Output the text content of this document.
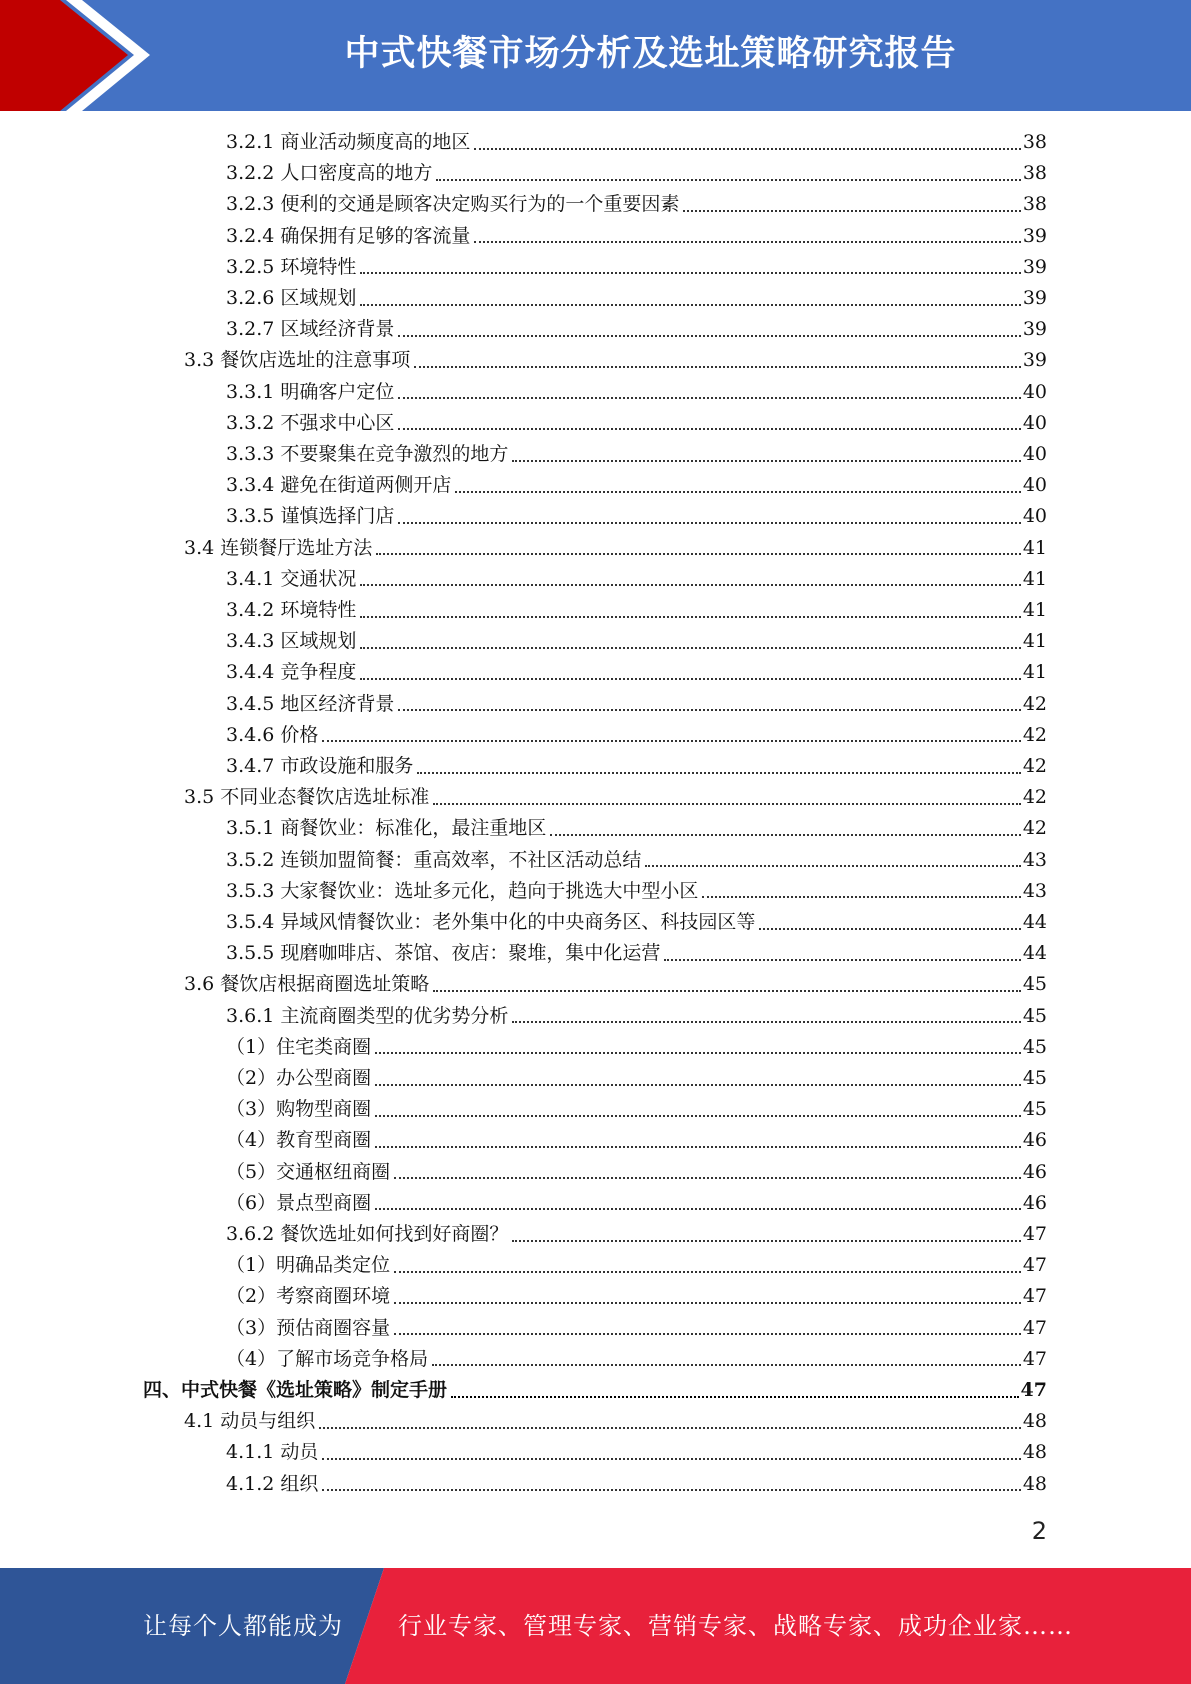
中式快餐市场分析及选址策略研究报告
3.2.1 商业活动频度高的地区	38
3.2.2 人口密度高的地方	38
3.2.3 便利的交通是顾客决定购买行为的一个重要因素	38
3.2.4 确保拥有足够的客流量	39
3.2.5 环境特性	39
3.2.6 区域规划	39
3.2.7 区域经济背景	39
3.3 餐饮店选址的注意事项	39
3.3.1 明确客户定位	40
3.3.2 不强求中心区	40
3.3.3 不要聚集在竞争激烈的地方	40
3.3.4 避免在街道两侧开店	40
3.3.5 谨慎选择门店	40
3.4 连锁餐厅选址方法	41
3.4.1 交通状况	41
3.4.2 环境特性	41
3.4.3 区域规划	41
3.4.4 竞争程度	41
3.4.5 地区经济背景	42
3.4.6 价格	42
3.4.7 市政设施和服务	42
3.5 不同业态餐饮店选址标准	42
3.5.1 商餐饮业：标准化，最注重地区	42
3.5.2 连锁加盟简餐：重高效率，不社区活动总结	43
3.5.3 大家餐饮业：选址多元化，趋向于挑选大中型小区	43
3.5.4 异域风情餐饮业：老外集中化的中央商务区、科技园区等	44
3.5.5 现磨咖啡店、茶馆、夜店：聚堆，集中化运营	44
3.6 餐饮店根据商圈选址策略	45
3.6.1 主流商圈类型的优劣势分析	45
（1）住宅类商圈	45
（2）办公型商圈	45
（3）购物型商圈	45
（4）教育型商圈	46
（5）交通枢纽商圈	46
（6）景点型商圈	46
3.6.2 餐饮选址如何找到好商圈？	47
（1）明确品类定位	47
（2）考察商圈环境	47
（3）预估商圈容量	47
（4）了解市场竞争格局	47
四、中式快餐《选址策略》制定手册	47
4.1 动员与组织	48
4.1.1 动员	48
4.1.2 组织	48
2
让每个人都能成为 行业专家、管理专家、营销专家、战略专家、成功企业家……
